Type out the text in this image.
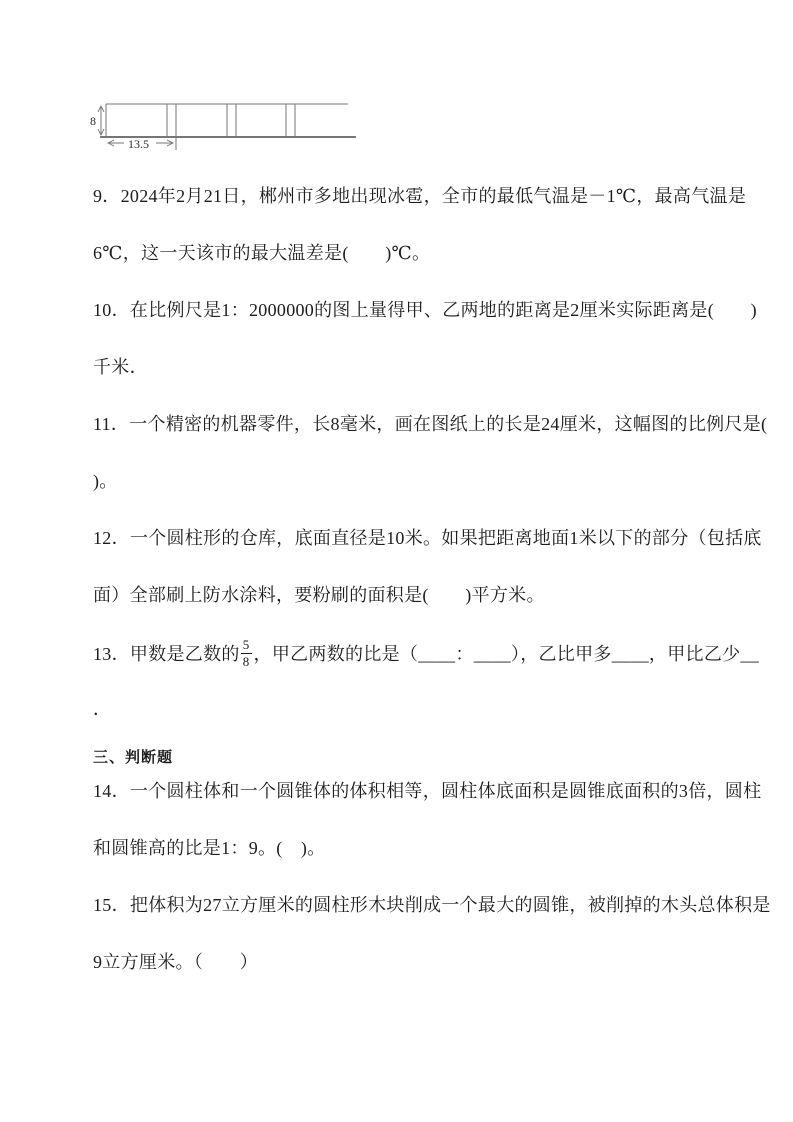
8
13.5
9．2024年2月21日，郴州市多地出现冰雹，全市的最低气温是－1℃，最高气温是
6℃，这一天该市的最大温差是(　　)℃。
10．在比例尺是1：2000000的图上量得甲、乙两地的距离是2厘米实际距离是(　　)
千米．
11．一个精密的机器零件，长8毫米，画在图纸上的长是24厘米，这幅图的比例尺是(
)。
12．一个圆柱形的仓库，底面直径是10米。如果把距离地面1米以下的部分（包括底
面）全部刷上防水涂料，要粉刷的面积是(　　)平方米。
13．甲数是乙数的 $\frac{5}{8}$ ，甲乙两数的比是（____：____），乙比甲多____，甲比乙少__
．
三、判断题
14．一个圆柱体和一个圆锥体的体积相等，圆柱体底面积是圆锥底面积的3倍，圆柱
和圆锥高的比是1：9。(　)。
15．把体积为27立方厘米的圆柱形木块削成一个最大的圆锥，被削掉的木头总体积是
9立方厘米。（　　）
